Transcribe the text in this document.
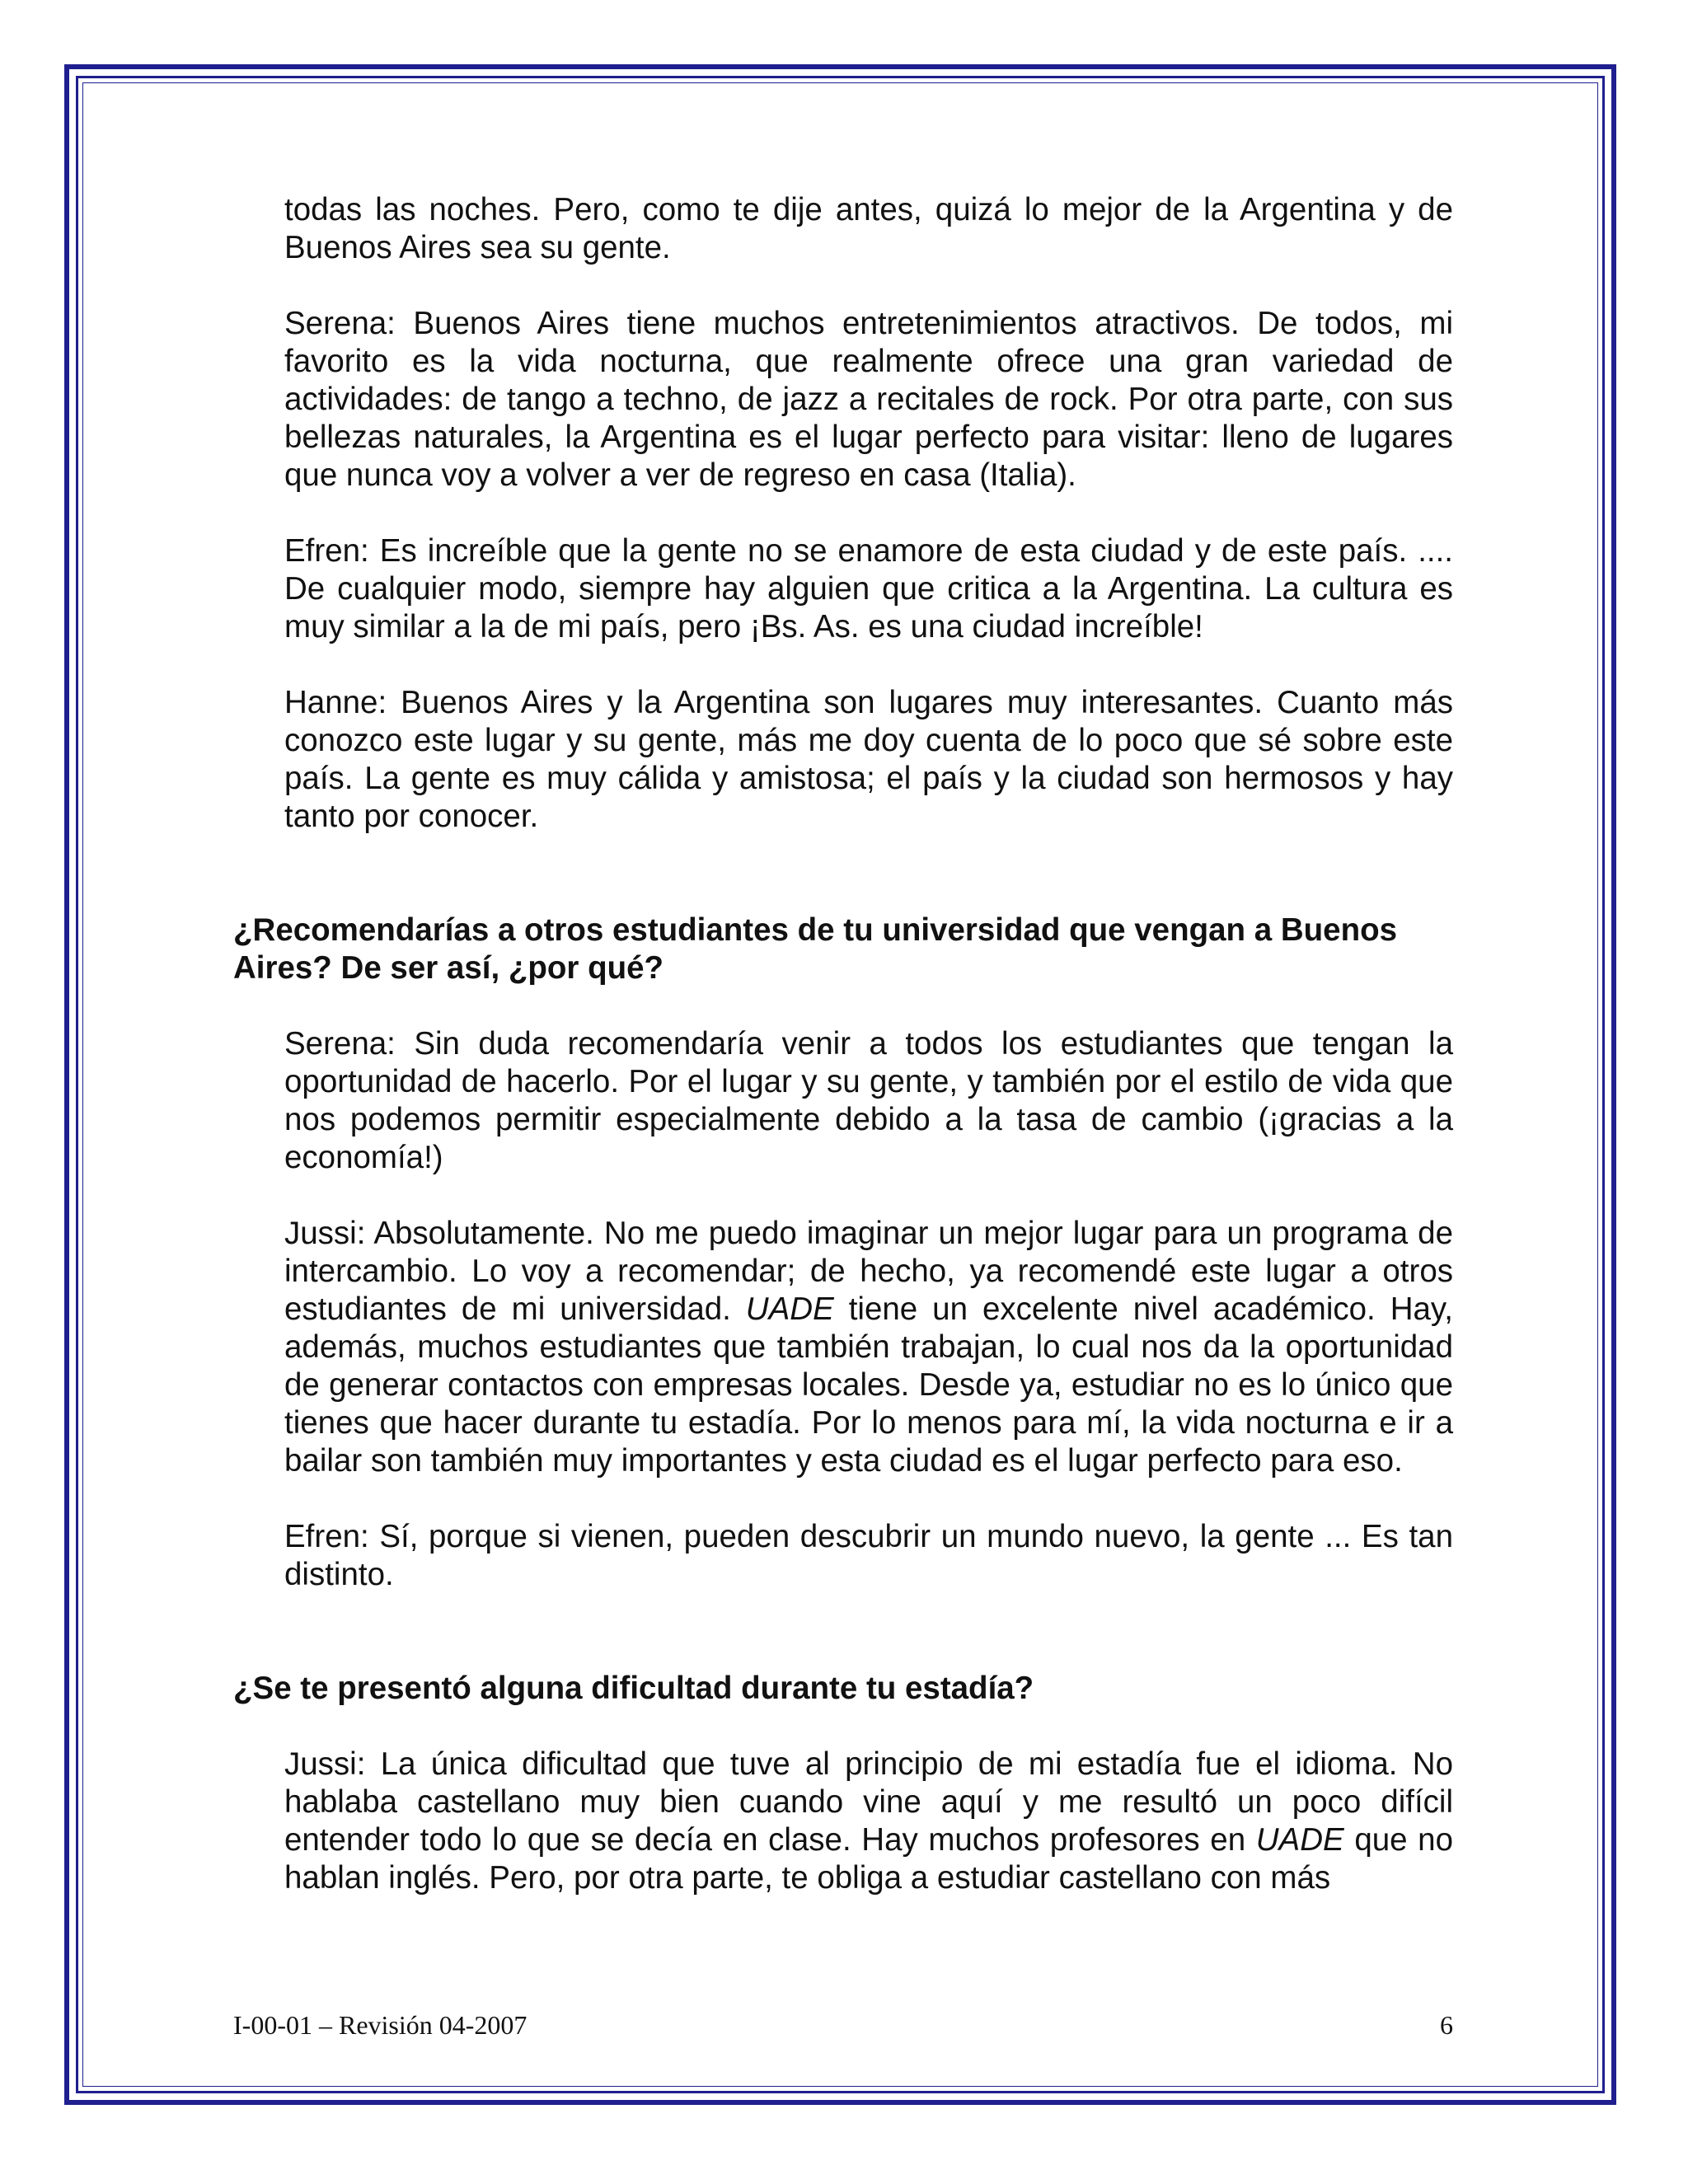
todas las noches. Pero, como te dije antes, quizá lo mejor de la Argentina y de Buenos Aires sea su gente.

Serena: Buenos Aires tiene muchos entretenimientos atractivos. De todos, mi favorito es la vida nocturna, que realmente ofrece una gran variedad de actividades: de tango a techno, de jazz a recitales de rock. Por otra parte, con sus bellezas naturales, la Argentina es el lugar perfecto para visitar: lleno de lugares que nunca voy a volver a ver de regreso en casa (Italia).

Efren: Es increíble que la gente no se enamore de esta ciudad y de este país. .... De cualquier modo, siempre hay alguien que critica a la Argentina. La cultura es muy similar a la de mi país, pero ¡Bs. As. es una ciudad increíble!

Hanne: Buenos Aires y la Argentina son lugares muy interesantes. Cuanto más conozco este lugar y su gente, más me doy cuenta de lo poco que sé sobre este país. La gente es muy cálida y amistosa; el país y la ciudad son hermosos y hay tanto por conocer.

¿Recomendarías a otros estudiantes de tu universidad que vengan a Buenos Aires? De ser así, ¿por qué?

Serena: Sin duda recomendaría venir a todos los estudiantes que tengan la oportunidad de hacerlo. Por el lugar y su gente, y también por el estilo de vida que nos podemos permitir especialmente debido a la tasa de cambio (¡gracias a la economía!)

Jussi: Absolutamente. No me puedo imaginar un mejor lugar para un programa de intercambio. Lo voy a recomendar; de hecho, ya recomendé este lugar a otros estudiantes de mi universidad. UADE tiene un excelente nivel académico. Hay, además, muchos estudiantes que también trabajan, lo cual nos da la oportunidad de generar contactos con empresas locales. Desde ya, estudiar no es lo único que tienes que hacer durante tu estadía. Por lo menos para mí, la vida nocturna e ir a bailar son también muy importantes y esta ciudad es el lugar perfecto para eso.

Efren: Sí, porque si vienen, pueden descubrir un mundo nuevo, la gente ... Es tan distinto.

¿Se te presentó alguna dificultad durante tu estadía?

Jussi: La única dificultad que tuve al principio de mi estadía fue el idioma. No hablaba castellano muy bien cuando vine aquí y me resultó un poco difícil entender todo lo que se decía en clase. Hay muchos profesores en UADE que no hablan inglés. Pero, por otra parte, te obliga a estudiar castellano con más

I-00-01 – Revisión 04-2007	6
